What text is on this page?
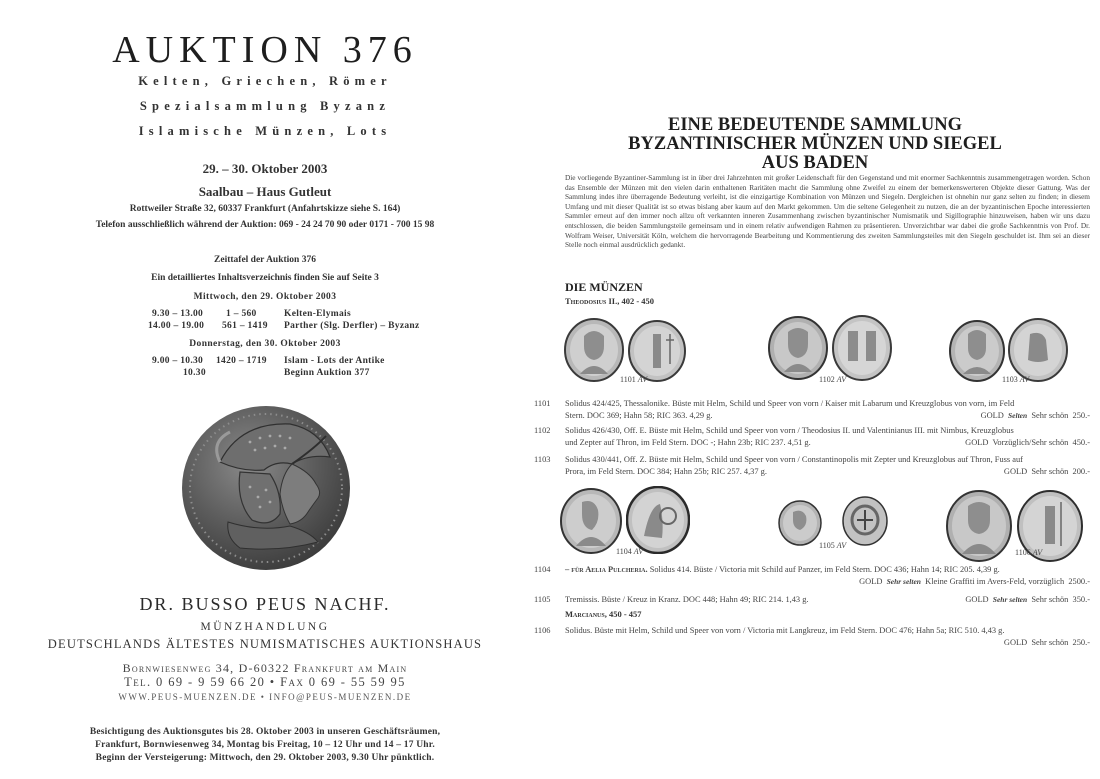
AUKTION 376
Kelten, Griechen, Römer
Spezialsammlung Byzanz
Islamische Münzen, Lots
29. – 30. Oktober 2003
Saalbau – Haus Gutleut
Rottweiler Straße 32, 60337 Frankfurt (Anfahrtskizze siehe S. 164)
Telefon ausschließlich während der Auktion: 069 - 24 24 70 90 oder 0171 - 700 15 98
Zeittafel der Auktion 376
Ein detailliertes Inhaltsverzeichnis finden Sie auf Seite 3
Mittwoch, den 29. Oktober 2003
9.30 – 13.00 1 – 560	Kelten-Elymais
14.00 – 19.00 561 – 1419 Parther (Slg. Derfler) – Byzanz
Donnerstag, den 30. Oktober 2003
9.00 – 10.30 1420 – 1719 Islam - Lots der Antike
10.30	Beginn Auktion 377
DR. BUSSO PEUS NACHF.
MÜNZHANDLUNG
DEUTSCHLANDS ÄLTESTES NUMISMATISCHES AUKTIONSHAUS
Bornwiesenweg 34, D-60322 Frankfurt am Main
Tel. 0 69 - 9 59 66 20 • Fax 0 69 - 55 59 95
WWW.PEUS-MUENZEN.DE • INFO@PEUS-MUENZEN.DE
Besichtigung des Auktionsgutes bis 28. Oktober 2003 in unseren Geschäftsräumen,
Frankfurt, Bornwiesenweg 34, Montag bis Freitag, 10 – 12 Uhr und 14 – 17 Uhr.
Beginn der Versteigerung: Mittwoch, den 29. Oktober 2003, 9.30 Uhr pünktlich.
EINE BEDEUTENDE SAMMLUNG
BYZANTINISCHER MÜNZEN UND SIEGEL
AUS BADEN
Die vorliegende Byzantiner-Sammlung ist in über drei Jahrzehnten mit großer Leidenschaft für den Gegenstand und mit enormer Sachkenntnis zusammengetragen worden. Schon das Ensemble der Münzen mit den vielen darin enthaltenen Raritäten macht die Sammlung ohne Zweifel zu einem der bemerkenswerteren Objekte dieser Gattung. Was der Sammlung indes ihre überragende Bedeutung verleiht, ist die einzigartige Kombination von Münzen und Siegeln. Dergleichen ist ohnehin nur ganz selten zu finden; in diesem Umfang und mit dieser Qualität ist so etwas bislang aber kaum auf den Markt gekommen. Um die seltene Gelegenheit zu nutzen, die an der byzantinischen Epoche interessierten Sammler erneut auf den immer noch allzu oft verkannten inneren Zusammenhang zwischen byzantinischer Numismatik und Sigillographie hinzuweisen, haben wir uns dazu entschlossen, die beiden Sammlungsteile gemeinsam und in einem relativ aufwendigen Rahmen zu präsentieren. Unverzichtbar war dabei die große Sachkenntnis von Prof. Dr. Wolfram Weiser, Universität Köln, welchem die hervorragende Bearbeitung und Kommentierung des zweiten Sammlungsteiles mit den Siegeln geschuldet ist. Ihm sei an dieser Stelle noch einmal ausdrücklich gedankt.
DIE MÜNZEN
Theodosius II., 402 - 450
1101 AV	1102 AV	1103 AV
1101 Solidus 424/425, Thessalonike. Büste mit Helm, Schild und Speer von vorn / Kaiser mit Labarum und Kreuzglobus von vorn, im Feld
Stern. DOC 369; Hahn 58; RIC 363. 4,29 g.	GOLD Selten Sehr schön 250.-
1102 Solidus 426/430, Off. E. Büste mit Helm, Schild und Speer von vorn / Theodosius II. und Valentinianus III. mit Nimbus, Kreuzglobus
und Zepter auf Thron, im Feld Stern. DOC -; Hahn 23b; RIC 237. 4,51 g.	GOLD Vorzüglich/Sehr schön 450.-
1103 Solidus 430/441, Off. Z. Büste mit Helm, Schild und Speer von vorn / Constantinopolis mit Zepter und Kreuzglobus auf Thron, Fuss auf
Prora, im Feld Stern. DOC 384; Hahn 25b; RIC 257. 4,37 g.	GOLD Sehr schön 200.-
1104 AV
1105 AV
1106 AV
1104 – für Aelia Pulcheria. Solidus 414. Büste / Victoria mit Schild auf Panzer, im Feld Stern. DOC 436; Hahn 14; RIC 205. 4,39 g.
GOLD Sehr selten Kleine Graffiti im Avers-Feld, vorzüglich 2500.-
1105 Tremissis. Büste / Kreuz in Kranz. DOC 448; Hahn 49; RIC 214. 1,43 g.	GOLD Sehr selten Sehr schön 350.-
Marcianus, 450 - 457
1106 Solidus. Büste mit Helm, Schild und Speer von vorn / Victoria mit Langkreuz, im Feld Stern. DOC 476; Hahn 5a; RIC 510. 4,43 g.
GOLD Sehr schön 250.-
